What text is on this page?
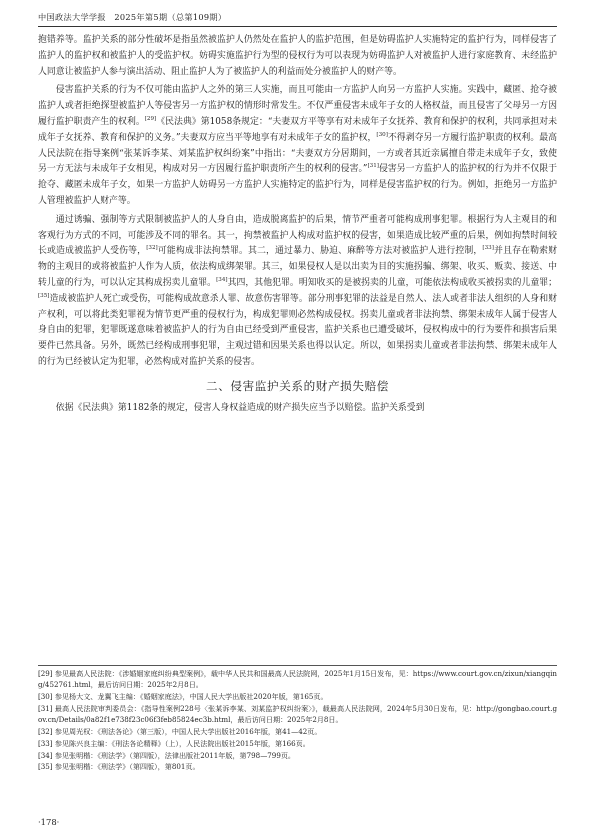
中国政法大学学报　2025年第5期（总第109期）

抱错养等。监护关系的部分性破坏是指虽然被监护人仍然处在监护人的监护范围，但是妨碍监护人实施特定的监护行为，同样侵害了监护人的监护权和被监护人的受监护权。妨碍实施监护行为型的侵权行为可以表现为妨碍监护人对被监护人进行家庭教育、未经监护人同意让被监护人参与演出活动、阻止监护人为了被监护人的利益而处分被监护人的财产等。

侵害监护关系的行为不仅可能由监护人之外的第三人实施，而且可能由一方监护人向另一方监护人实施。实践中，藏匿、抢夺被监护人或者拒绝探望被监护人等侵害另一方监护权的情形时常发生。不仅严重侵害未成年子女的人格权益，而且侵害了父母另一方因履行监护职责产生的权利。[29]《民法典》第1058条规定：“夫妻双方平等享有对未成年子女抚养、教育和保护的权利，共同承担对未成年子女抚养、教育和保护的义务。”夫妻双方应当平等地享有对未成年子女的监护权，[30]不得剥夺另一方履行监护职责的权利。最高人民法院在指导案例“张某诉李某、刘某监护权纠纷案”中指出：“夫妻双方分居期间，一方或者其近亲属擅自带走未成年子女，致使另一方无法与未成年子女相见，构成对另一方因履行监护职责所产生的权利的侵害。”[31]侵害另一方监护人的监护权的行为并不仅限于抢夺、藏匿未成年子女，如果一方监护人妨碍另一方监护人实施特定的监护行为，同样是侵害监护权的行为。例如，拒绝另一方监护人管理被监护人财产等。

通过诱骗、强制等方式限制被监护人的人身自由，造成脱离监护的后果，情节严重者可能构成刑事犯罪。根据行为人主观目的和客观行为方式的不同，可能涉及不同的罪名。其一，拘禁被监护人构成对监护权的侵害，如果造成比较严重的后果，例如拘禁时间较长或造成被监护人受伤等，[32]可能构成非法拘禁罪。其二，通过暴力、胁迫、麻醉等方法对被监护人进行控制，[33]并且存在勒索财物的主观目的或将被监护人作为人质，依法构成绑架罪。其三，如果侵权人是以出卖为目的实施拐骗、绑架、收买、贩卖、接送、中转儿童的行为，可以认定其构成拐卖儿童罪。[34]其四，其他犯罪。明知收买的是被拐卖的儿童，可能依法构成收买被拐卖的儿童罪；[35]造成被监护人死亡或受伤，可能构成故意杀人罪、故意伤害罪等。部分刑事犯罪的法益是自然人、法人或者非法人组织的人身和财产权利，可以将此类犯罪视为情节更严重的侵权行为，构成犯罪则必然构成侵权。拐卖儿童或者非法拘禁、绑架未成年人属于侵害人身自由的犯罪，犯罪既遂意味着被监护人的行为自由已经受到严重侵害，监护关系也已遭受破坏，侵权构成中的行为要件和损害后果要件已然具备。另外，既然已经构成刑事犯罪，主观过错和因果关系也得以认定。所以，如果拐卖儿童或者非法拘禁、绑架未成年人的行为已经被认定为犯罪，必然构成对监护关系的侵害。

二、侵害监护关系的财产损失赔偿

依据《民法典》第1182条的规定，侵害人身权益造成的财产损失应当予以赔偿。监护关系受到

[29] 参见最高人民法院：《涉婚姻家庭纠纷典型案例》，载中华人民共和国最高人民法院网，2025年1月15日发布，见：https://www.court.gov.cn/zixun/xiangqing/452761.html，最后访问日期：2025年2月8日。
[30] 参见杨大文、龙翼飞主编：《婚姻家庭法》，中国人民大学出版社2020年版，第165页。
[31] 最高人民法院审判委员会：《指导性案例228号〈张某诉李某、刘某监护权纠纷案〉》，载最高人民法院网，2024年5月30日发布，见：http://gongbao.court.gov.cn/Details/0a82f1e738f23c06f3feb85824ec3b.html，最后访问日期：2025年2月8日。
[32] 参见周光权：《刑法各论》（第三版），中国人民大学出版社2016年版，第41—42页。
[33] 参见陈兴良主编：《刑法各论精释》（上），人民法院出版社2015年版，第166页。
[34] 参见张明楷：《刑法学》（第四版），法律出版社2011年版，第798—799页。
[35] 参见张明楷：《刑法学》（第四版），第801页。
·178·
